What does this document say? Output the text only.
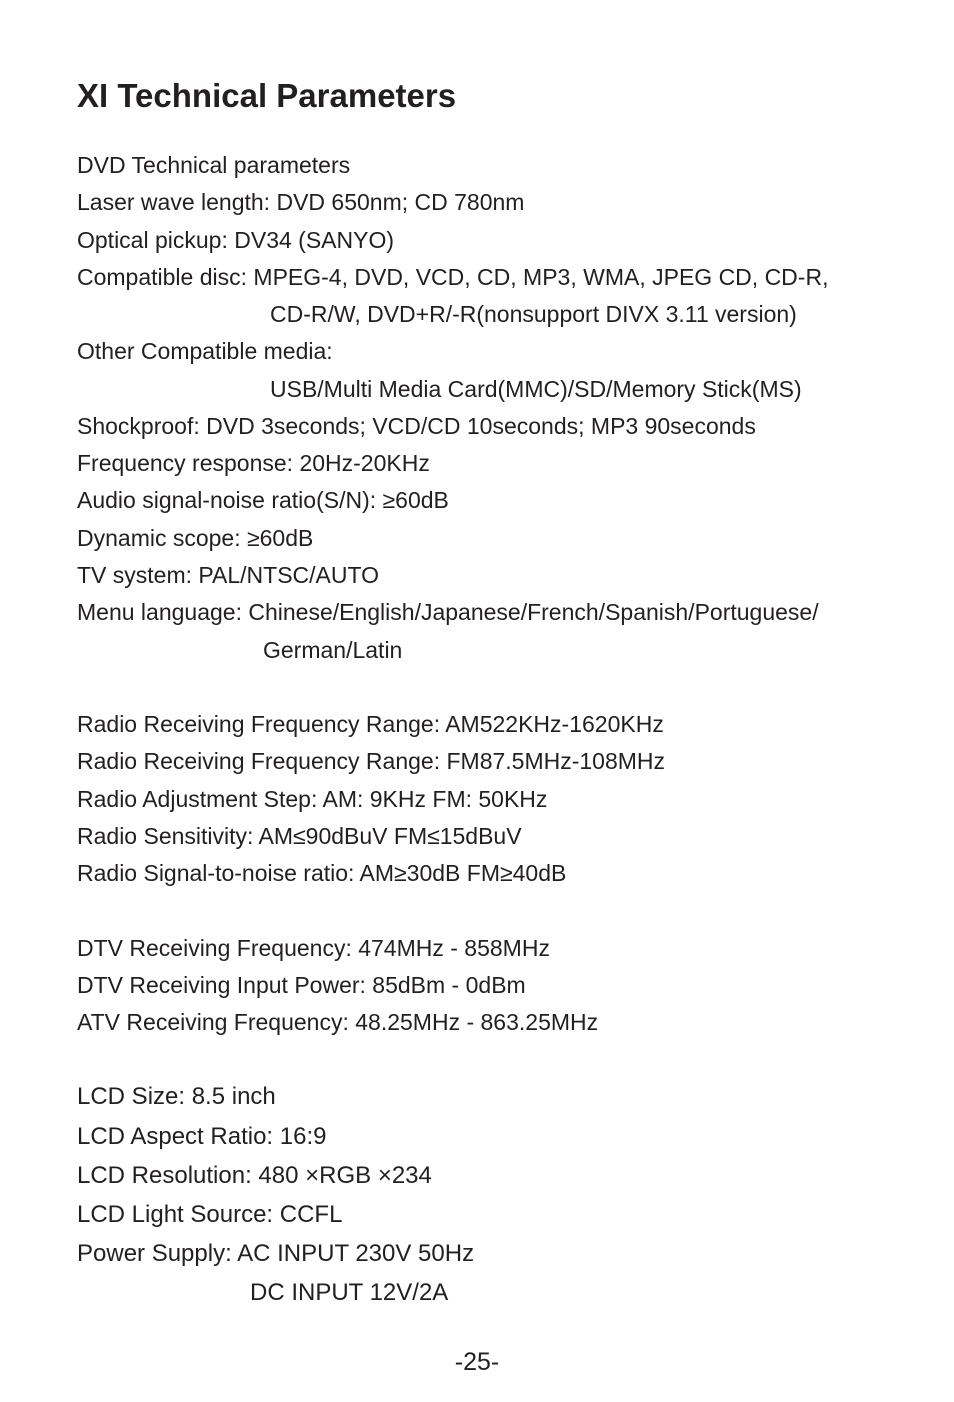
XI Technical Parameters
DVD Technical parameters
Laser wave length: DVD 650nm; CD 780nm
Optical pickup: DV34 (SANYO)
Compatible disc: MPEG-4, DVD, VCD, CD, MP3, WMA, JPEG CD, CD-R,
CD-R/W, DVD+R/-R(nonsupport DIVX 3.11 version)
Other Compatible media:
USB/Multi Media Card(MMC)/SD/Memory Stick(MS)
Shockproof: DVD 3seconds; VCD/CD 10seconds; MP3 90seconds
Frequency response: 20Hz-20KHz
Audio signal-noise ratio(S/N): ≥60dB
Dynamic scope: ≥60dB
TV system: PAL/NTSC/AUTO
Menu language: Chinese/English/Japanese/French/Spanish/Portuguese/
German/Latin
Radio Receiving Frequency Range: AM522KHz-1620KHz
Radio Receiving Frequency Range: FM87.5MHz-108MHz
Radio Adjustment Step: AM: 9KHz FM: 50KHz
Radio Sensitivity: AM≤90dBuV FM≤15dBuV
Radio Signal-to-noise ratio: AM≥30dB FM≥40dB
DTV Receiving Frequency: 474MHz - 858MHz
DTV Receiving Input Power: 85dBm - 0dBm
ATV Receiving Frequency: 48.25MHz - 863.25MHz
LCD Size: 8.5 inch
LCD Aspect Ratio: 16:9
LCD Resolution: 480 ×RGB ×234
LCD Light Source: CCFL
Power Supply: AC INPUT 230V 50Hz
DC INPUT 12V/2A
-25-
